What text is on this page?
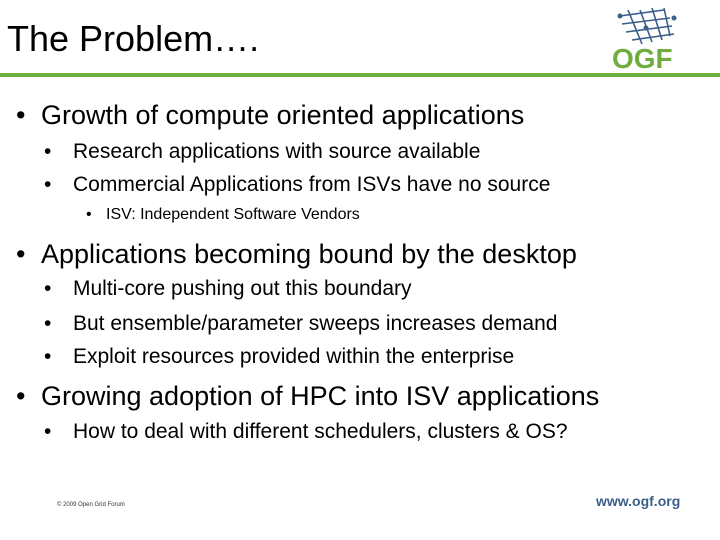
The Problem….	OGF
• Growth of compute oriented applications
• Research applications with source available
• Commercial Applications from ISVs have no source
• ISV: Independent Software Vendors
• Applications becoming bound by the desktop
• Multi-core pushing out this boundary
• But ensemble/parameter sweeps increases demand
• Exploit resources provided within the enterprise
• Growing adoption of HPC into ISV applications
• How to deal with different schedulers, clusters & OS?
© 2009 Open Grid Forum	www.ogf.org
